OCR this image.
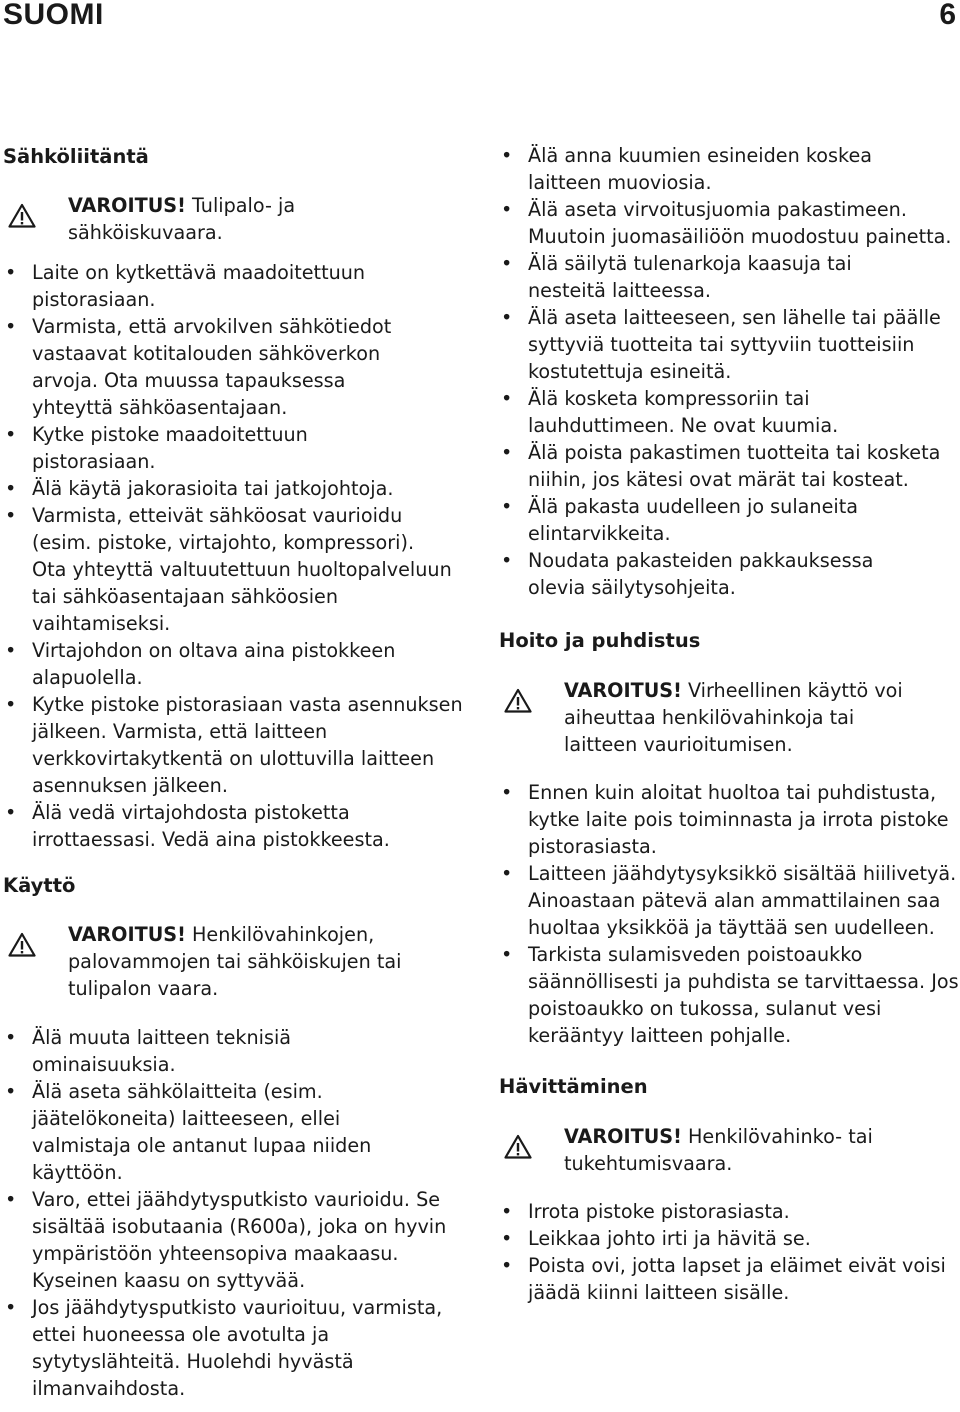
SUOMI	6
Sähköliitäntä
VAROITUS! Tulipalo- ja sähköiskuvaara.
• Laite on kytkettävä maadoitettuun pistorasiaan.
• Varmista, että arvokilven sähkötiedot vastaavat kotitalouden sähköverkon arvoja. Ota muussa tapauksessa yhteyttä sähköasentajaan.
• Kytke pistoke maadoitettuun pistorasiaan.
• Älä käytä jakorasioita tai jatkojohtoja.
• Varmista, etteivät sähköosat vaurioidu (esim. pistoke, virtajohto, kompressori). Ota yhteyttä valtuutettuun huoltopalveluun tai sähköasentajaan sähköosien vaihtamiseksi.
• Virtajohdon on oltava aina pistokkeen alapuolella.
• Kytke pistoke pistorasiaan vasta asennuksen jälkeen. Varmista, että laitteen verkkovirtakytkentä on ulottuvilla laitteen asennuksen jälkeen.
• Älä vedä virtajohdosta pistoketta irrottaessasi. Vedä aina pistokkeesta.
Käyttö
VAROITUS! Henkilövahinkojen, palovammojen tai sähköiskujen tai tulipalon vaara.
• Älä muuta laitteen teknisiä ominaisuuksia.
• Älä aseta sähkölaitteita (esim. jäätelökoneita) laitteeseen, ellei valmistaja ole antanut lupaa niiden käyttöön.
• Varo, ettei jäähdytysputkisto vaurioidu. Se sisältää isobutaania (R600a), joka on hyvin ympäristöön yhteensopiva maakaasu. Kyseinen kaasu on syttyvää.
• Jos jäähdytysputkisto vaurioituu, varmista, ettei huoneessa ole avotulta ja sytytyslähteitä. Huolehdi hyvästä ilmanvaihdosta.
• Älä anna kuumien esineiden koskea laitteen muoviosia.
• Älä aseta virvoitusjuomia pakastimeen. Muutoin juomasäiliöön muodostuu painetta.
• Älä säilytä tulenarkoja kaasuja tai nesteitä laitteessa.
• Älä aseta laitteeseen, sen lähelle tai päälle syttyviä tuotteita tai syttyviin tuotteisiin kostutettuja esineitä.
• Älä kosketa kompressoriin tai lauhduttimeen. Ne ovat kuumia.
• Älä poista pakastimen tuotteita tai kosketa niihin, jos kätesi ovat märät tai kosteat.
• Älä pakasta uudelleen jo sulaneita elintarvikkeita.
• Noudata pakasteiden pakkauksessa olevia säilytysohjeita.
Hoito ja puhdistus
VAROITUS! Virheellinen käyttö voi aiheuttaa henkilövahinkoja tai laitteen vaurioitumisen.
• Ennen kuin aloitat huoltoa tai puhdistusta, kytke laite pois toiminnasta ja irrota pistoke pistorasiasta.
• Laitteen jäähdytysyksikkö sisältää hiilivetyä. Ainoastaan pätevä alan ammattilainen saa huoltaa yksikköä ja täyttää sen uudelleen.
• Tarkista sulamisveden poistoaukko säännöllisesti ja puhdista se tarvittaessa. Jos poistoaukko on tukossa, sulanut vesi kerääntyy laitteen pohjalle.
Hävittäminen
VAROITUS! Henkilövahinko- tai tukehtumisvaara.
• Irrota pistoke pistorasiasta.
• Leikkaa johto irti ja hävitä se.
• Poista ovi, jotta lapset ja eläimet eivät voisi jäädä kiinni laitteen sisälle.
